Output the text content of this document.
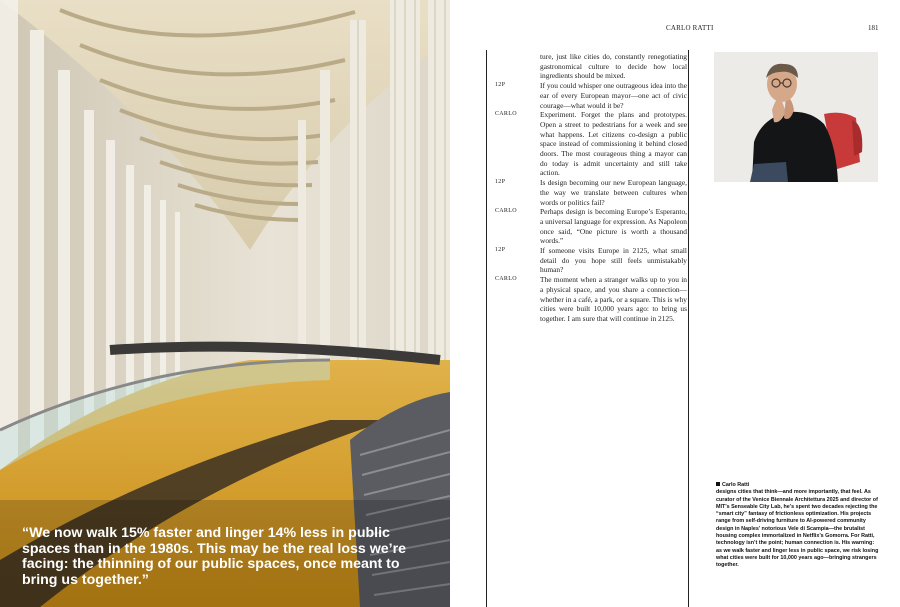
“We now walk 15% faster and linger 14% less in public spaces than in the 1980s. This may be the real loss we’re facing: the thinning of our public spaces, once meant to bring us together.”
CARLO RATTI	181
ture, just like cities do, constantly renegotiating gastronomical culture to decide how local ingredients should be mixed.
12P	If you could whisper one outrageous idea into the ear of every European mayor—one act of civic courage—what would it be?
CARLO	Experiment. Forget the plans and prototypes. Open a street to pedestrians for a week and see what happens. Let citizens co-design a public space instead of commissioning it behind closed doors. The most courageous thing a mayor can do today is admit uncertainty and still take action.
12P	Is design becoming our new European language, the way we translate between cultures when words or politics fail?
CARLO	Perhaps design is becoming Europe’s Esperanto, a universal language for expression. As Napoleon once said, “One picture is worth a thousand words.”
12P	If someone visits Europe in 2125, what small detail do you hope still feels unmistakably human?
CARLO	The moment when a stranger walks up to you in a physical space, and you share a connection—whether in a café, a park, or a square. This is why cities were built 10,000 years ago: to bring us together. I am sure that will continue in 2125.
Carlo Ratti
designs cities that think—and more importantly, that feel. As curator of the Venice Biennale Architettura 2025 and director of MIT’s Senseable City Lab, he’s spent two decades rejecting the “smart city” fantasy of frictionless optimization. His projects range from self-driving furniture to AI-powered community design in Naples’ notorious Vele di Scampia—the brutalist housing complex immortalized in Netflix’s Gomorra. For Ratti, technology isn’t the point; human connection is. His warning: as we walk faster and linger less in public space, we risk losing what cities were built for 10,000 years ago—bringing strangers together.
